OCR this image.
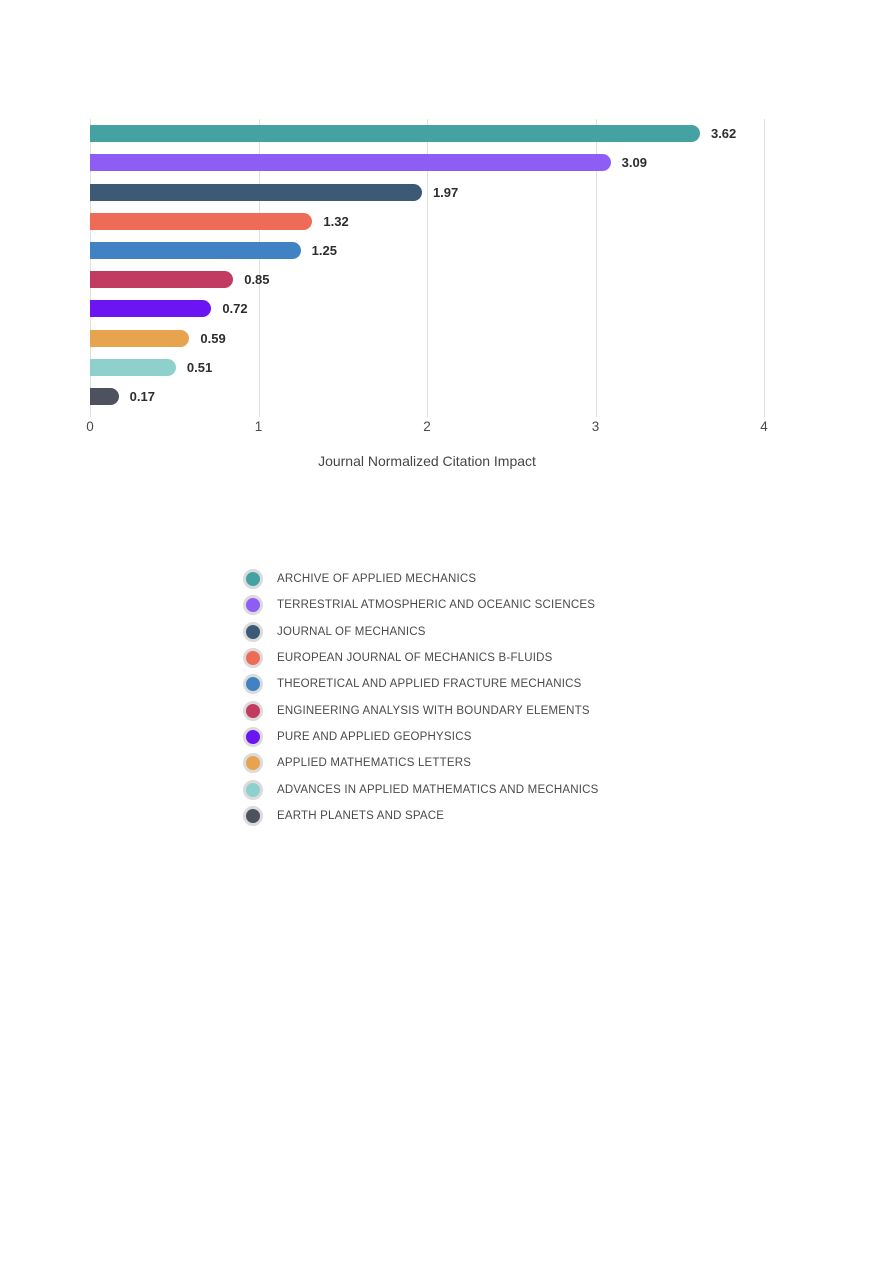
3.62
3.09
1.97
1.32
1.25
0.85
0.72
0.59
0.51
0.17
0	1	2	3	4
Journal Normalized Citation Impact
ARCHIVE OF APPLIED MECHANICS
TERRESTRIAL ATMOSPHERIC AND OCEANIC SCIENCES
JOURNAL OF MECHANICS
EUROPEAN JOURNAL OF MECHANICS B-FLUIDS
THEORETICAL AND APPLIED FRACTURE MECHANICS
ENGINEERING ANALYSIS WITH BOUNDARY ELEMENTS
PURE AND APPLIED GEOPHYSICS
APPLIED MATHEMATICS LETTERS
ADVANCES IN APPLIED MATHEMATICS AND MECHANICS
EARTH PLANETS AND SPACE
